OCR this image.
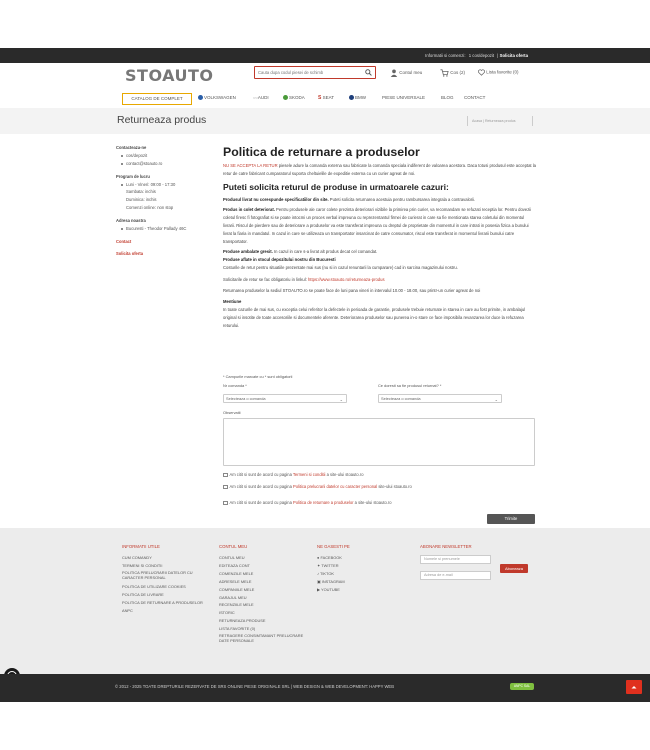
Informatii si comenzi: 1 cos/depozit | Solicita oferta
STOAUTO
Cauta dupa codul piesei de schimb	Contul meu	Cos (2)	Lista favorite (0)
CATALOG DE COMPLET	VOLKSWAGEN	○○AUDI	SKODA	S SEAT	BMW	PIESE UNIVERSALE	BLOG CONTACT
Returneaza produs	Acasa | Returneaza produs
Contacteaza-ne
cos/depozit
contact@stoauto.ro
Program de lucru
Luni - Vineri: 09:00 - 17:30
Sambata: inchis
Duminica: inchis
Comenzi online: non stop
Adresa noastra
Bucuresti - Theodor Pallady 46C
Contact
Solicita oferta
Politica de returnare a produselor

NU SE ACCEPTA LA RETUR piesele adure la comanda externa sau fabricate la comanda speciala indiferent de valoarea acestora. Daca totusi produsul este acceptat la retur de catre fabricant cumparatorul suporta cheltuielile de expeditie externa cu un curier agreat de noi.

Puteti solicita returul de produse in urmatoarele cazuri:

Produsul livrat nu corespunde specificatiilor din site. Puteti solicita returnarea acestuia pentru rambursarea integrala a contravalorii.

Produs in colet deteriorat. Pentru produsele ale caror colete prezinta deteriorari vizibile la primirea prin curier, va recomandam se refuzati receptia lor. Pentru dovezii coletul firesc fi fotografiat si se poate intocmi un proces verbal impreuna cu reprezentantul firmei de curierat in care sa fie mentionata starea coletului din momentul livrarii. Riscul de pierdere sau de deteriorare a produselor va este transferat impreuna cu dreptul de proprietate din momentul in care intrati in posesia fizica a bunului livrat la fiaria in mandatul. In cazul in care se utilizeaza un transportator insarcinat de catre consumator, riscul este transferat in momentul livrarii bunului catre transportator.

Produse ambalate gresit. In cazul in care s-a livrat alt produs decat cel comandat.
Produse aflate in stocul depozitului nostru din Bucuresti
Costurile de retur pentru situatiile prezentate mai sus (nu si in cazul renuntarii la cumparare) cad in sarcina magazinului nostru.

Solicitarile de retur se fac obligatoriu in linkul: https://www.stoauto.ro/returneaza-produs

Returnarea produselor la sediul STOAUTO.ro se poate face de luni pana vineri in intervalul 10.00 - 18.00, sau printr-un curier agreat de noi

Mentiune
In toate cazurile de mai sus, cu exceptia celui referitor la defectele in perioada de garantie, produsele trebuie returnate in starea in care au fost primite, in ambalajul original si insotite de toate accesoriile si documentele aferente. Deteriorarea produselor sau punerea in-o stare ce face imposibila revanzarea lor duce la refuzarea returului.

* Campurile marcate cu * sunt obligatorii
Nr comanda *
Selecteaza o comanda	⌄
Ce doresti sa fie produsul returnat? *
Selecteaza o comanda	⌄
Observatii
Am citit si sunt de acord cu pagina Termeni si conditii a site-ului stoauto.ro
Am citit si sunt de acord cu pagina Politica prelucrarii datelor cu caracter personal site-ului stoauto.ro
Am citit si sunt de acord cu pagina Politica de returnare a produselor a site-ului stoauto.ro
Trimite
INFORMATII UTILE
CUM COMANDY
TERMENI SI CONDITII
POLITICA PRELUCRARII DATELOR CU CARACTER PERSONAL
POLITICA DE UTILIZARE COOKIES
POLITICA DE LIVRARE
POLITICA DE RETURNARE A PRODUSELOR
ANPC
CONTUL MEU
CONTUL MEU
EDITEAZA CONT
COMENZILE MELE
ADRESELE MELE
COMPANIILE MELE
GARAJUL MEU
RECENZIILE MELE
ISTORIC
RETURNEAZA PRODUSE
LISTA FAVORITE (0)
RETRAGERE CONSIMTAMANT PRELUCRARE DATE PERSONALE
NE GASESTI PE
● FACEBOOK
✦ TWITTER
♪ TIKTOK
▣ INSTAGRAM
▶ YOUTUBE
ABONARE NEWSLETTER
Numele si prenumele
Adresa de e-mail
Aboneaza
© 2012 - 2025 TOATE DREPTURILE REZERVATE DE SRS ONLINE PIESE ORIGINALE SRL | WEB DESIGN & WEB DEVELOPMENT: HAPPY WEB	ANPC SAL
